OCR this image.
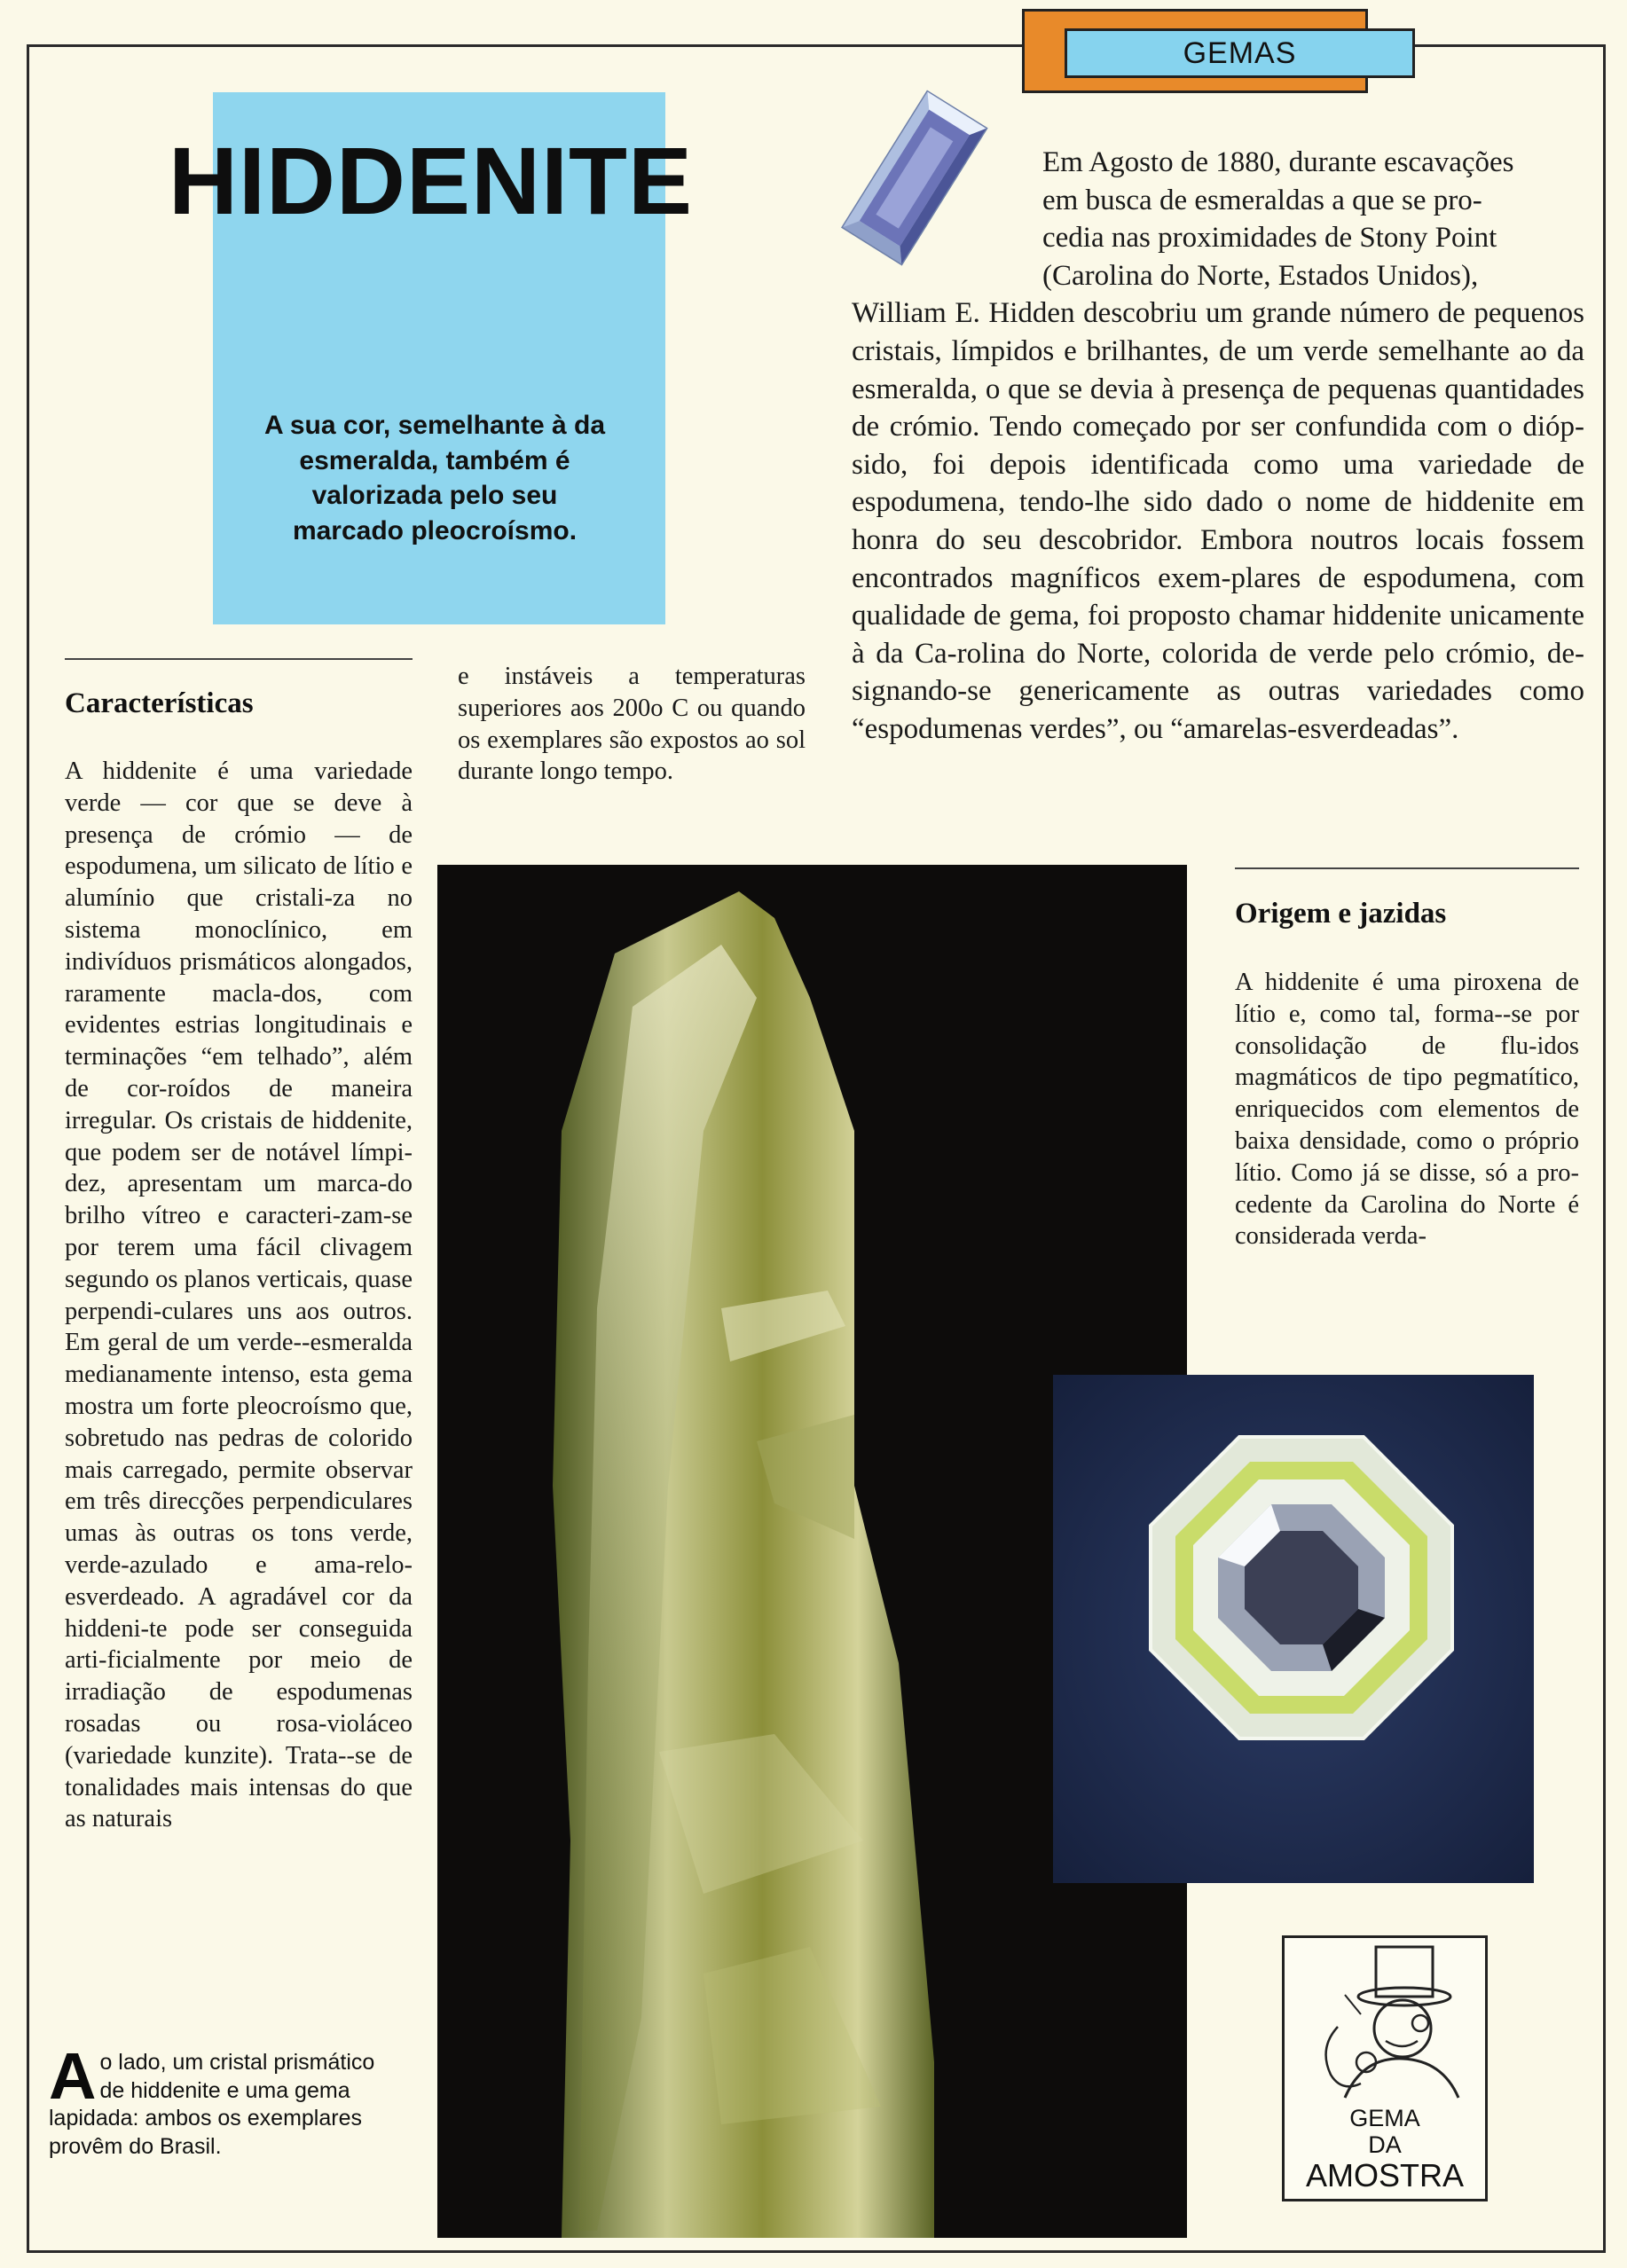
GEMAS
HIDDENITE

A sua cor, semelhante à da esmeralda, também é valorizada pelo seu marcado pleocroísmo.

Em Agosto de 1880, durante escavações
em busca de esmeraldas a que se pro-
cedia nas proximidades de Stony Point
(Carolina do Norte, Estados Unidos),
William E. Hidden descobriu um grande número de pequenos cristais, límpidos e brilhantes, de um verde semelhante ao da esmeralda, o que se devia à presença de pequenas quantidades de crómio. Tendo começado por ser confundida com o dióp-sido, foi depois identificada como uma variedade de espodumena, tendo-lhe sido dado o nome de hiddenite em honra do seu descobridor. Embora noutros locais fossem encontrados magníficos exem-plares de espodumena, com qualidade de gema, foi proposto chamar hiddenite unicamente à da Ca-rolina do Norte, colorida de verde pelo crómio, de-signando-se genericamente as outras variedades como “espodumenas verdes”, ou “amarelas-esverdeadas”.

Características

A hiddenite é uma variedade verde — cor que se deve à presença de crómio — de espodumena, um silicato de lítio e alumínio que cristali-za no sistema monoclínico, em indivíduos prismáticos alongados, raramente macla-dos, com evidentes estrias longitudinais e terminações “em telhado”, além de cor-roídos de maneira irregular. Os cristais de hiddenite, que podem ser de notável límpi-dez, apresentam um marca-do brilho vítreo e caracteri-zam-se por terem uma fácil clivagem segundo os planos verticais, quase perpendi-culares uns aos outros. Em geral de um verde--esmeralda medianamente intenso, esta gema mostra um forte pleocroísmo que, sobretudo nas pedras de colorido mais carregado, permite observar em três direcções perpendiculares umas às outras os tons verde, verde-azulado e ama-relo-esverdeado. A agradável cor da hiddeni-te pode ser conseguida arti-ficialmente por meio de irradiação de espodumenas rosadas ou rosa-violáceo (variedade kunzite). Trata--se de tonalidades mais intensas do que as naturais

e instáveis a temperaturas superiores aos 200o C ou quando os exemplares são expostos ao sol durante longo tempo.

Origem e jazidas

A hiddenite é uma piroxena de lítio e, como tal, forma--se por consolidação de flu-idos magmáticos de tipo pegmatítico, enriquecidos com elementos de baixa densidade, como o próprio lítio. Como já se disse, só a pro-cedente da Carolina do Norte é considerada verda-

Ao lado, um cristal prismático de hiddenite e uma gema lapidada: ambos os exemplares provêm do Brasil.

GEMA
DA
AMOSTRA
